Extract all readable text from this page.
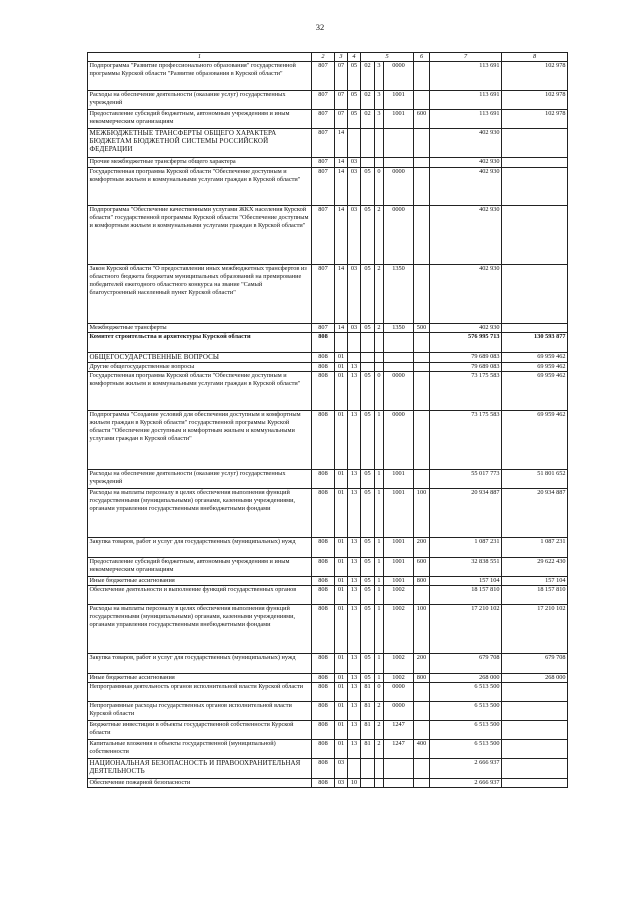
32
1	2	3	4	5			6	7	8
Подпрограмма "Развитие профессионального образования" государственной программы Курской области "Развитие образования в Курской области"	807	07	05	02	3	0000		113 691	102 978
Расходы на обеспечение деятельности (оказание услуг) государственных учреждений	807	07	05	02	3	1001		113 691	102 978
Предоставление субсидий бюджетным, автономным учреждениям и иным некоммерческим организациям	807	07	05	02	3	1001	600	113 691	102 978
МЕЖБЮДЖЕТНЫЕ ТРАНСФЕРТЫ ОБЩЕГО ХАРАКТЕРА БЮДЖЕТАМ БЮДЖЕТНОЙ СИСТЕМЫ РОССИЙСКОЙ ФЕДЕРАЦИИ	807	14						402 930	
Прочие межбюджетные трансферты общего характера	807	14	03					402 930	
Государственная программа Курской области "Обеспечение доступным и комфортным жильем и коммунальными услугами граждан в Курской области"	807	14	03	05	0	0000		402 930	
Подпрограмма "Обеспечение качественными услугами ЖКХ населения Курской области" государственной программы Курской области "Обеспечение доступным и комфортным жильем и коммунальными услугами граждан в Курской области"	807	14	03	05	2	0000		402 930	
Закон Курской области "О предоставлении иных межбюджетных трансфертов из областного бюджета бюджетам муниципальных образований на премирование победителей ежегодного областного конкурса на звание "Самый благоустроенный населенный пункт Курской области"	807	14	03	05	2	1350		402 930	
Межбюджетные трансферты	807	14	03	05	2	1350	500	402 930	
Комитет строительства и архитектуры Курской области	808							576 995 713	130 593 877
ОБЩЕГОСУДАРСТВЕННЫЕ ВОПРОСЫ	808	01						79 689 083	69 959 462
Другие общегосударственные вопросы	808	01	13					79 689 083	69 959 462
Государственная программа Курской области "Обеспечение доступным и комфортным жильем и коммунальными услугами граждан в Курской области"	808	01	13	05	0	0000		73 175 583	69 959 462
Подпрограмма "Создание условий для обеспечения доступным и комфортным жильем граждан в Курской области" государственной программы Курской области "Обеспечение доступным и комфортным жильем и коммунальными услугами граждан в Курской области"	808	01	13	05	1	0000		73 175 583	69 959 462
Расходы на обеспечение деятельности (оказание услуг) государственных учреждений	808	01	13	05	1	1001		55 017 773	51 801 652
Расходы на выплаты персоналу в целях обеспечения выполнения функций государственными (муниципальными) органами, казенными учреждениями, органами управления государственными внебюджетными фондами	808	01	13	05	1	1001	100	20 934 887	20 934 887
Закупка товаров, работ и услуг для государственных (муниципальных) нужд	808	01	13	05	1	1001	200	1 087 231	1 087 231
Предоставление субсидий бюджетным, автономным учреждениям и иным некоммерческим организациям	808	01	13	05	1	1001	600	32 838 551	29 622 430
Иные бюджетные ассигнования	808	01	13	05	1	1001	800	157 104	157 104
Обеспечение деятельности и выполнение функций государственных органов	808	01	13	05	1	1002		18 157 810	18 157 810
Расходы на выплаты персоналу в целях обеспечения выполнения функций государственными (муниципальными) органами, казенными учреждениями, органами управления государственными внебюджетными фондами	808	01	13	05	1	1002	100	17 210 102	17 210 102
Закупка товаров, работ и услуг для государственных (муниципальных) нужд	808	01	13	05	1	1002	200	679 708	679 708
Иные бюджетные ассигнования	808	01	13	05	1	1002	800	268 000	268 000
Непрограммная деятельность органов исполнительной власти Курской области	808	01	13	81	0	0000		6 513 500	
Непрограммные расходы государственных органов исполнительной власти Курской области	808	01	13	81	2	0000		6 513 500	
Бюджетные инвестиции в объекты государственной собственности Курской области	808	01	13	81	2	1247		6 513 500	
Капитальные вложения в объекты государственной (муниципальной) собственности	808	01	13	81	2	1247	400	6 513 500	
НАЦИОНАЛЬНАЯ БЕЗОПАСНОСТЬ И ПРАВООХРАНИТЕЛЬНАЯ ДЕЯТЕЛЬНОСТЬ	808	03						2 666 937	
Обеспечение пожарной безопасности	808	03	10					2 666 937	
